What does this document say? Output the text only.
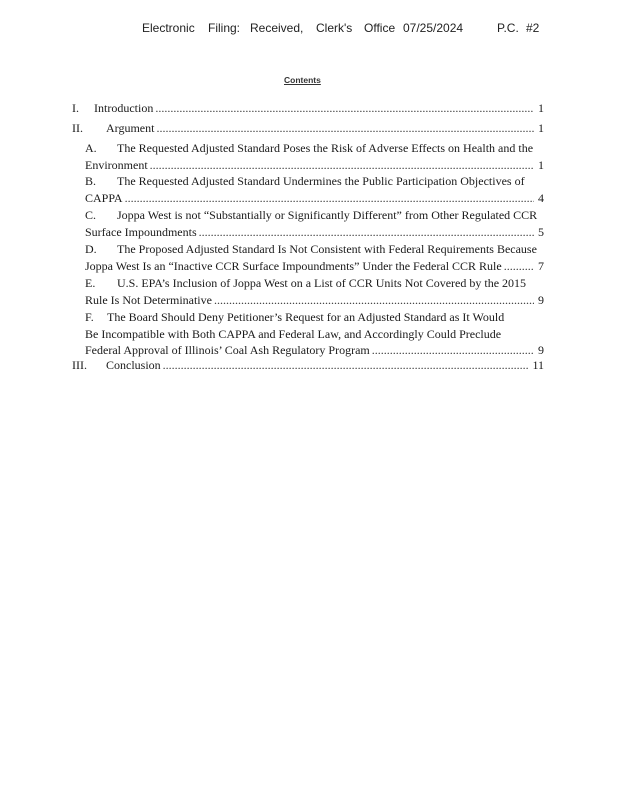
Electronic Filing: Received, Clerk's Office 07/25/2024	P.C. #2
Contents
I. Introduction .....	1
II. Argument .....	1
A. The Requested Adjusted Standard Poses the Risk of Adverse Effects on Health and the
Environment .....	1
B. The Requested Adjusted Standard Undermines the Public Participation Objectives of
CAPPA .....	4
C. Joppa West is not “Substantially or Significantly Different” from Other Regulated CCR
Surface Impoundments .....	5
D. The Proposed Adjusted Standard Is Not Consistent with Federal Requirements Because
Joppa West Is an “Inactive CCR Surface Impoundments” Under the Federal CCR Rule .....	7
E. U.S. EPA’s Inclusion of Joppa West on a List of CCR Units Not Covered by the 2015
Rule Is Not Determinative .....	9
F. The Board Should Deny Petitioner’s Request for an Adjusted Standard as It Would
Be Incompatible with Both CAPPA and Federal Law, and Accordingly Could Preclude
Federal Approval of Illinois’ Coal Ash Regulatory Program .....	9
III. Conclusion .....	11
